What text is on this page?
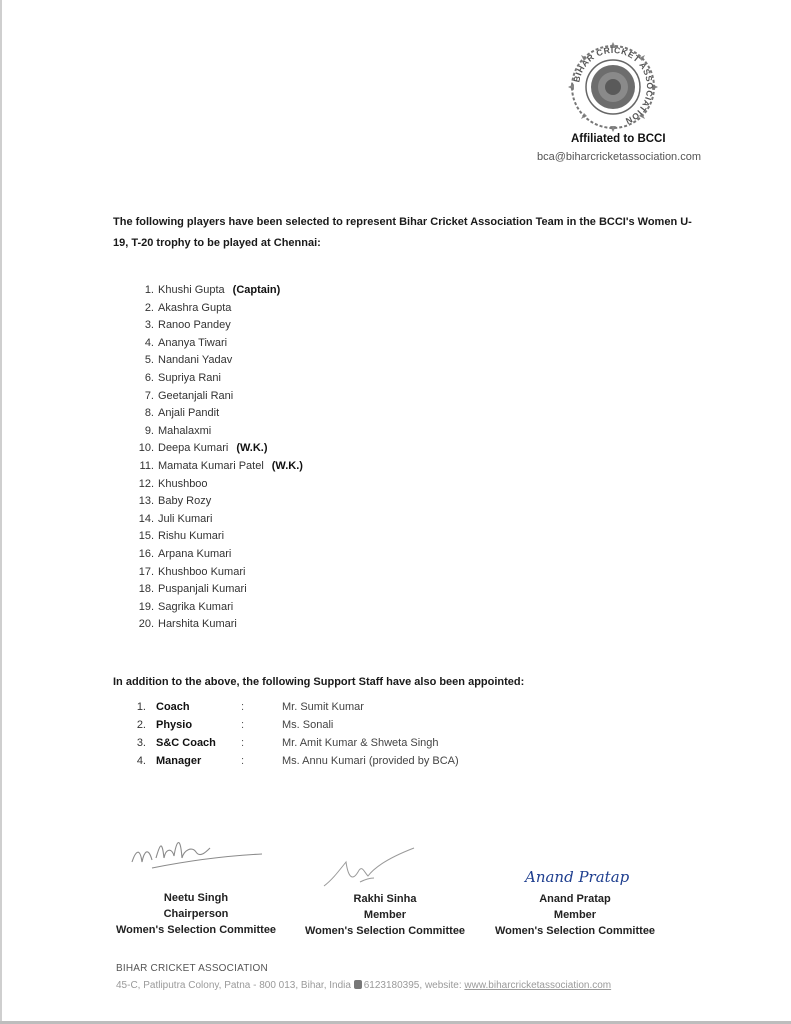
BIHAR CRICKET ASSOCIATION
Affiliated to BCCI
bca@biharcricketassociation.com
The following players have been selected to represent Bihar Cricket Association Team in the BCCI's Women U-19, T-20 trophy to be played at Chennai:
1. Khushi Gupta (Captain)
2. Akashra Gupta
3. Ranoo Pandey
4. Ananya Tiwari
5. Nandani Yadav
6. Supriya Rani
7. Geetanjali Rani
8. Anjali Pandit
9. Mahalaxmi
10. Deepa Kumari (W.K.)
11. Mamata Kumari Patel (W.K.)
12. Khushboo
13. Baby Rozy
14. Juli Kumari
15. Rishu Kumari
16. Arpana Kumari
17. Khushboo Kumari
18. Puspanjali Kumari
19. Sagrika Kumari
20. Harshita Kumari
In addition to the above, the following Support Staff have also been appointed:
1. Coach	:	Mr. Sumit Kumar
2. Physio	:	Ms. Sonali
3. S&C Coach :	Mr. Amit Kumar & Shweta Singh
4. Manager	:	Ms. Annu Kumari (provided by BCA)
Anand Pratap
Neetu Singh
Chairperson
Women's Selection Committee
Rakhi Sinha
Member
Women's Selection Committee
Anand Pratap
Member
Women's Selection Committee
BIHAR CRICKET ASSOCIATION
45-C, Patliputra Colony, Patna - 800 013, Bihar, India 6123180395, website: www.biharcricketassociation.com
